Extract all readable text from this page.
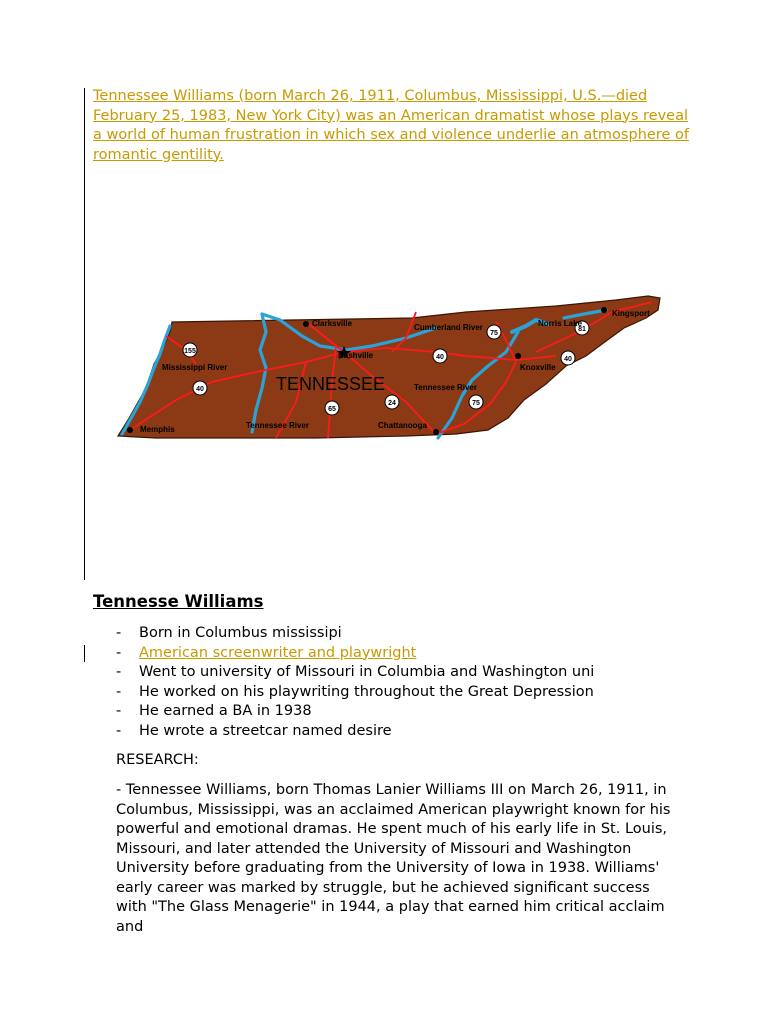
Tennessee Williams (born March 26, 1911, Columbus, Mississippi, U.S.—died February 25, 1983, New York City) was an American dramatist whose plays reveal a world of human frustration in which sex and violence underlie an atmosphere of romantic gentility.

155
40
65
24
75
40
81
40
75
Clarksville
Nashville
Knoxville
Kingsport
Memphis	Chattanooga
Cumberland River
Mississippi River
Tennessee River
Tennessee River
Norris Lake
TENNESSEE
Tennesse Williams
-	Born in Columbus mississipi
-	American screenwriter and playwright
-	Went to university of Missouri in Columbia and Washington uni
-	He worked on his playwriting throughout the Great Depression
-	He earned a BA in 1938
-	He wrote a streetcar named desire

RESEARCH:

- Tennessee Williams, born Thomas Lanier Williams III on March 26, 1911, in Columbus, Mississippi, was an acclaimed American playwright known for his powerful and emotional dramas. He spent much of his early life in St. Louis, Missouri, and later attended the University of Missouri and Washington University before graduating from the University of Iowa in 1938. Williams' early career was marked by struggle, but he achieved significant success with "The Glass Menagerie" in 1944, a play that earned him critical acclaim and
